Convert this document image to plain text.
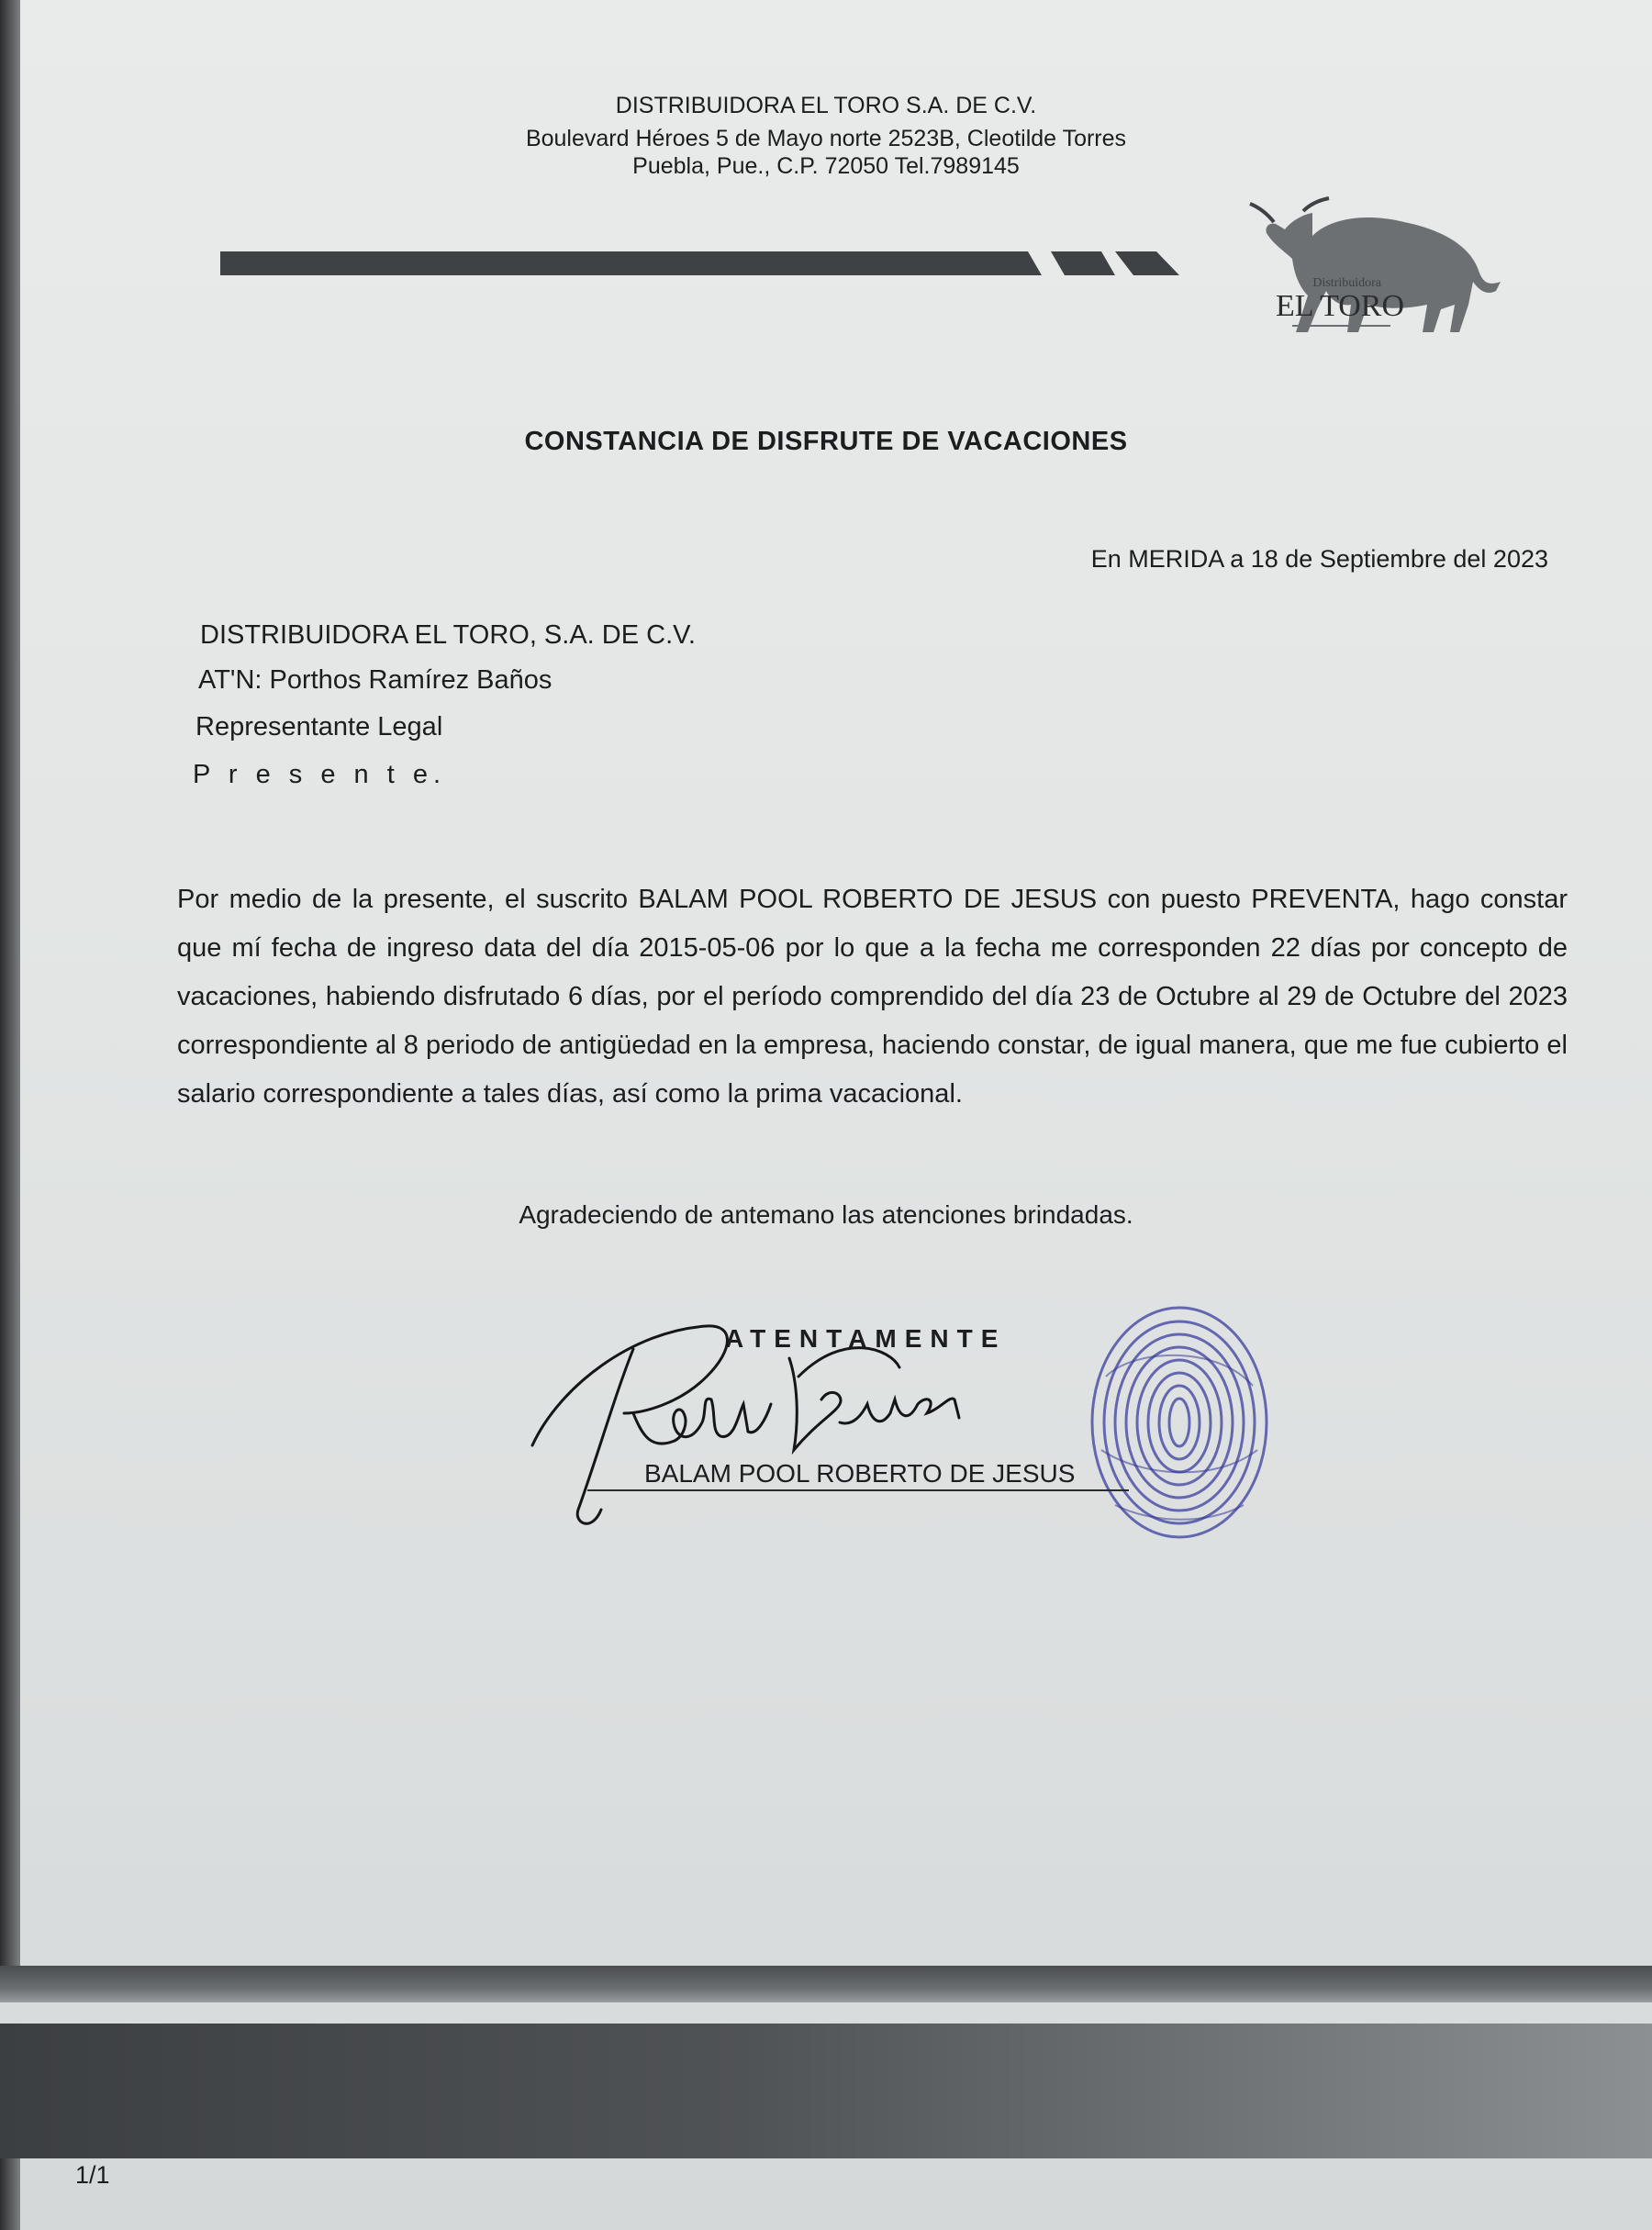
DISTRIBUIDORA EL TORO S.A. DE C.V.
Boulevard Héroes 5 de Mayo norte 2523B, Cleotilde Torres
Puebla, Pue., C.P. 72050 Tel.7989145
Distribuidora
EL TORO
CONSTANCIA DE DISFRUTE DE VACACIONES
En MERIDA a 18 de Septiembre del 2023
DISTRIBUIDORA EL TORO, S.A. DE C.V.
AT'N: Porthos Ramírez Baños
Representante Legal
P r e s e n t e.
Por medio de la presente, el suscrito BALAM POOL ROBERTO DE JESUS con puesto PREVENTA, hago constar que mí fecha de ingreso data del día 2015-05-06 por lo que a la fecha me corresponden 22 días por concepto de vacaciones, habiendo disfrutado 6 días, por el período comprendido del día 23 de Octubre al 29 de Octubre del 2023 correspondiente al 8 periodo de antigüedad en la empresa, haciendo constar, de igual manera, que me fue cubierto el salario correspondiente a tales días, así como la prima vacacional.
Agradeciendo de antemano las atenciones brindadas.
ATENTAMENTE
BALAM POOL ROBERTO DE JESUS
1/1
